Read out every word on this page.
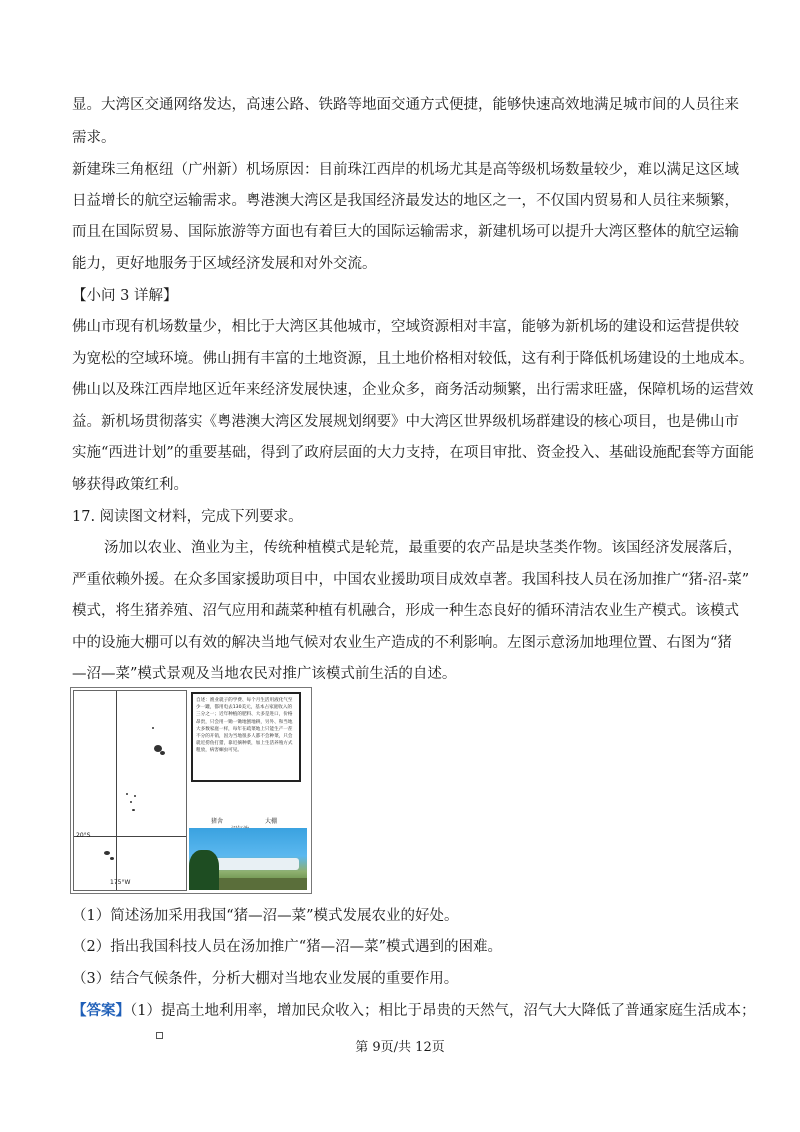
显。大湾区交通网络发达，高速公路、铁路等地面交通方式便捷，能够快速高效地满足城市间的人员往来
需求。
新建珠三角枢纽（广州新）机场原因：目前珠江西岸的机场尤其是高等级机场数量较少，难以满足这区域
日益增长的航空运输需求。粤港澳大湾区是我国经济最发达的地区之一，不仅国内贸易和人员往来频繁，
而且在国际贸易、国际旅游等方面也有着巨大的国际运输需求，新建机场可以提升大湾区整体的航空运输
能力，更好地服务于区域经济发展和对外交流。
【小问 3 详解】
佛山市现有机场数量少，相比于大湾区其他城市，空域资源相对丰富，能够为新机场的建设和运营提供较
为宽松的空域环境。佛山拥有丰富的土地资源，且土地价格相对较低，这有利于降低机场建设的土地成本。
佛山以及珠江西岸地区近年来经济发展快速，企业众多，商务活动频繁，出行需求旺盛，保障机场的运营效
益。新机场贯彻落实《粤港澳大湾区发展规划纲要》中大湾区世界级机场群建设的核心项目，也是佛山市
实施“西进计划”的重要基础，得到了政府层面的大力支持，在项目审批、资金投入、基础设施配套等方面能
够获得政策红利。
17. 阅读图文材料，完成下列要求。
汤加以农业、渔业为主，传统种植模式是轮荒，最重要的农产品是块茎类作物。该国经济发展落后，
严重依赖外援。在众多国家援助项目中，中国农业援助项目成效卓著。我国科技人员在汤加推广“猪-沼-菜”
模式，将生猪养殖、沼气应用和蔬菜种植有机融合，形成一种生态良好的循环清洁农业生产模式。该模式
中的设施大棚可以有效的解决当地气候对农业生产造成的不利影响。左图示意汤加地理位置、右图为“猪
—沼—菜”模式景观及当地农民对推广该模式前生活的自述。
20°S
175°W
自述：渔业就子的学费、每个月生活用液化气至少一罐，都用电去130美元，基本占家庭收入的三分之一；近年种植的肥料、大多是进口，价格昂贵，只会用一锄一锄地刨地耕，另外、和当地大多数家庭一样，每年在疏菜地上只能生产一茬不分的开销，因为当地很多人都不会种菜，只会就近捞鱼打猎，靠近摘种菜，加上生活养殖方式粗放，病害蛔虫可见。
猪舍	大棚
（1）简述汤加采用我国“猪—沼—菜”模式发展农业的好处。
（2）指出我国科技人员在汤加推广“猪—沼—菜”模式遇到的困难。
（3）结合气候条件，分析大棚对当地农业发展的重要作用。
【答案】（1）提高土地利用率，增加民众收入；相比于昂贵的天然气，沼气大大降低了普通家庭生活成本；
第 9页/共 12页
